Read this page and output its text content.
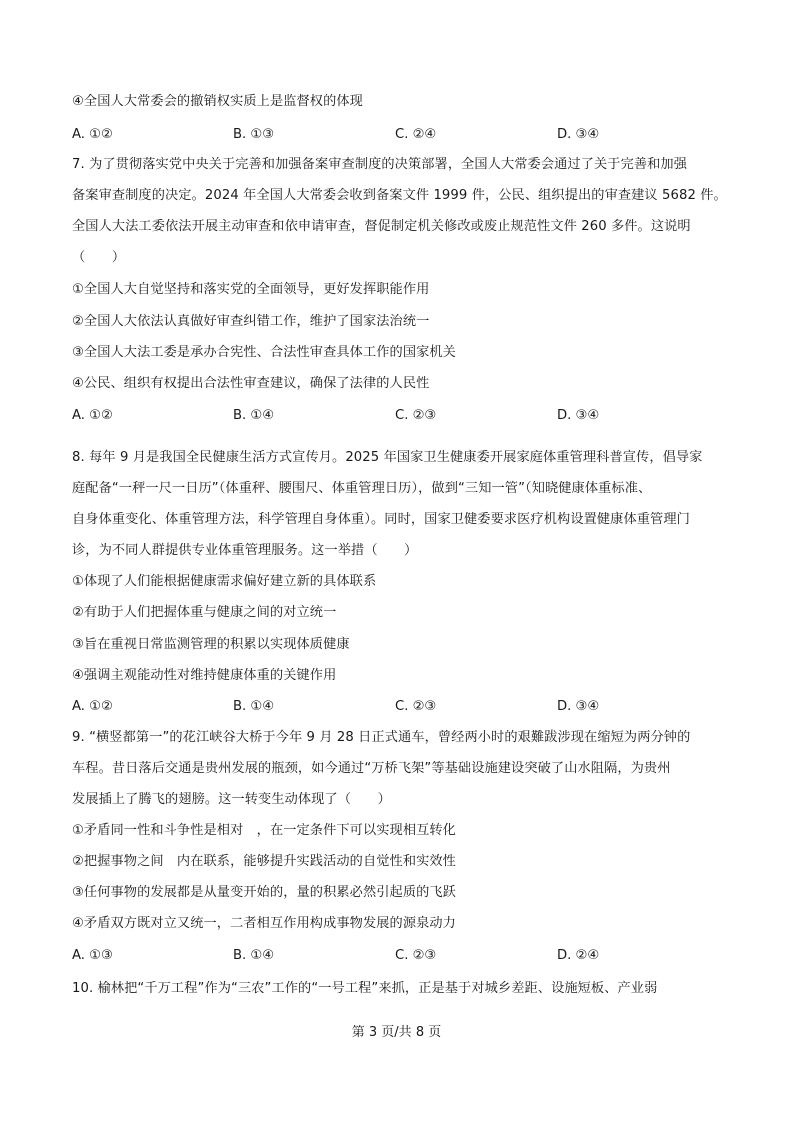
④全国人大常委会的撤销权实质上是监督权的体现
A. ①②	B. ①③	C. ②④	D. ③④
7. 为了贯彻落实党中央关于完善和加强备案审查制度的决策部署，全国人大常委会通过了关于完善和加强
备案审查制度的决定。2024 年全国人大常委会收到备案文件 1999 件，公民、组织提出的审查建议 5682 件。
全国人大法工委依法开展主动审查和依申请审查，督促制定机关修改或废止规范性文件 260 多件。这说明
（　　）
①全国人大自觉坚持和落实党的全面领导，更好发挥职能作用
②全国人大依法认真做好审查纠错工作，维护了国家法治统一
③全国人大法工委是承办合宪性、合法性审查具体工作的国家机关
④公民、组织有权提出合法性审查建议，确保了法律的人民性
A. ①②	B. ①④	C. ②③	D. ③④
8. 每年 9 月是我国全民健康生活方式宣传月。2025 年国家卫生健康委开展家庭体重管理科普宣传，倡导家
庭配备“一秤一尺一日历”（体重秤、腰围尺、体重管理日历），做到“三知一管”（知晓健康体重标准、
自身体重变化、体重管理方法，科学管理自身体重）。同时，国家卫健委要求医疗机构设置健康体重管理门
诊，为不同人群提供专业体重管理服务。这一举措（　　）
①体现了人们能根据健康需求偏好建立新的具体联系
②有助于人们把握体重与健康之间的对立统一
③旨在重视日常监测管理的积累以实现体质健康
④强调主观能动性对维持健康体重的关键作用
A. ①②	B. ①④	C. ②③	D. ③④
9. “横竖都第一”的花江峡谷大桥于今年 9 月 28 日正式通车，曾经两小时的艰難跋涉现在缩短为两分钟的
车程。昔日落后交通是贵州发展的瓶颈，如今通过“万桥飞架”等基础设施建设突破了山水阻隔，为贵州
发展插上了腾飞的翅膀。这一转变生动体现了（　　）
①矛盾同一性和斗争性是相对　，在一定条件下可以实现相互转化
②把握事物之间　内在联系，能够提升实践活动的自觉性和实效性
③任何事物的发展都是从量变开始的，量的积累必然引起质的飞跃
④矛盾双方既对立又统一，二者相互作用构成事物发展的源泉动力
A. ①③	B. ①④	C. ②③	D. ②④
10. 榆林把“千万工程”作为“三农”工作的“一号工程”来抓，正是基于对城乡差距、设施短板、产业弱
第 3 页/共 8 页
